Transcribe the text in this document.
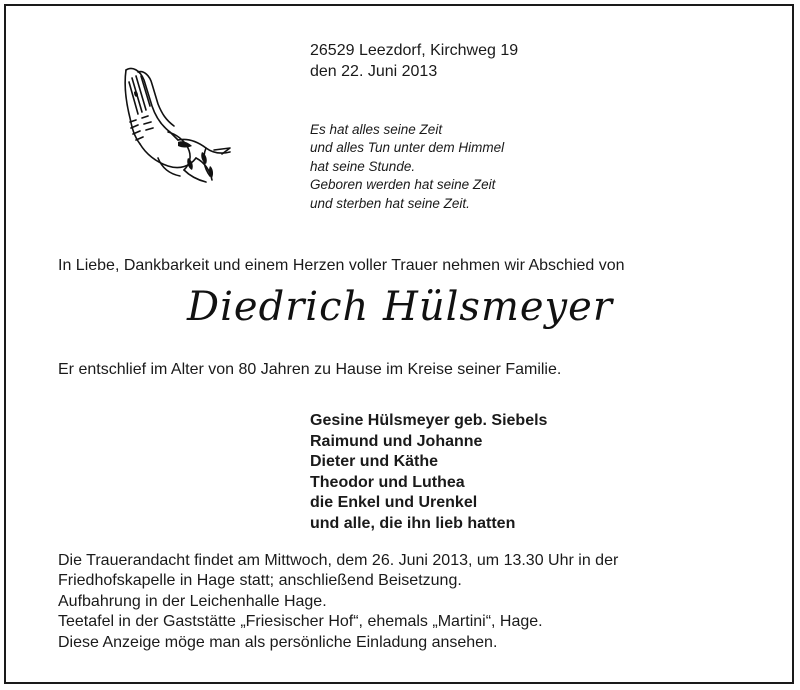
26529 Leezdorf, Kirchweg 19
den 22. Juni 2013
Es hat alles seine Zeit
und alles Tun unter dem Himmel
hat seine Stunde.
Geboren werden hat seine Zeit
und sterben hat seine Zeit.
In Liebe, Dankbarkeit und einem Herzen voller Trauer nehmen wir Abschied von
Diedrich Hülsmeyer
Er entschlief im Alter von 80 Jahren zu Hause im Kreise seiner Familie.
Gesine Hülsmeyer geb. Siebels
Raimund und Johanne
Dieter und Käthe
Theodor und Luthea
die Enkel und Urenkel
und alle, die ihn lieb hatten
Die Trauerandacht findet am Mittwoch, dem 26. Juni 2013, um 13.30 Uhr in der
Friedhofskapelle in Hage statt; anschließend Beisetzung.
Aufbahrung in der Leichenhalle Hage.
Teetafel in der Gaststätte „Friesischer Hof“, ehemals „Martini“, Hage.
Diese Anzeige möge man als persönliche Einladung ansehen.
